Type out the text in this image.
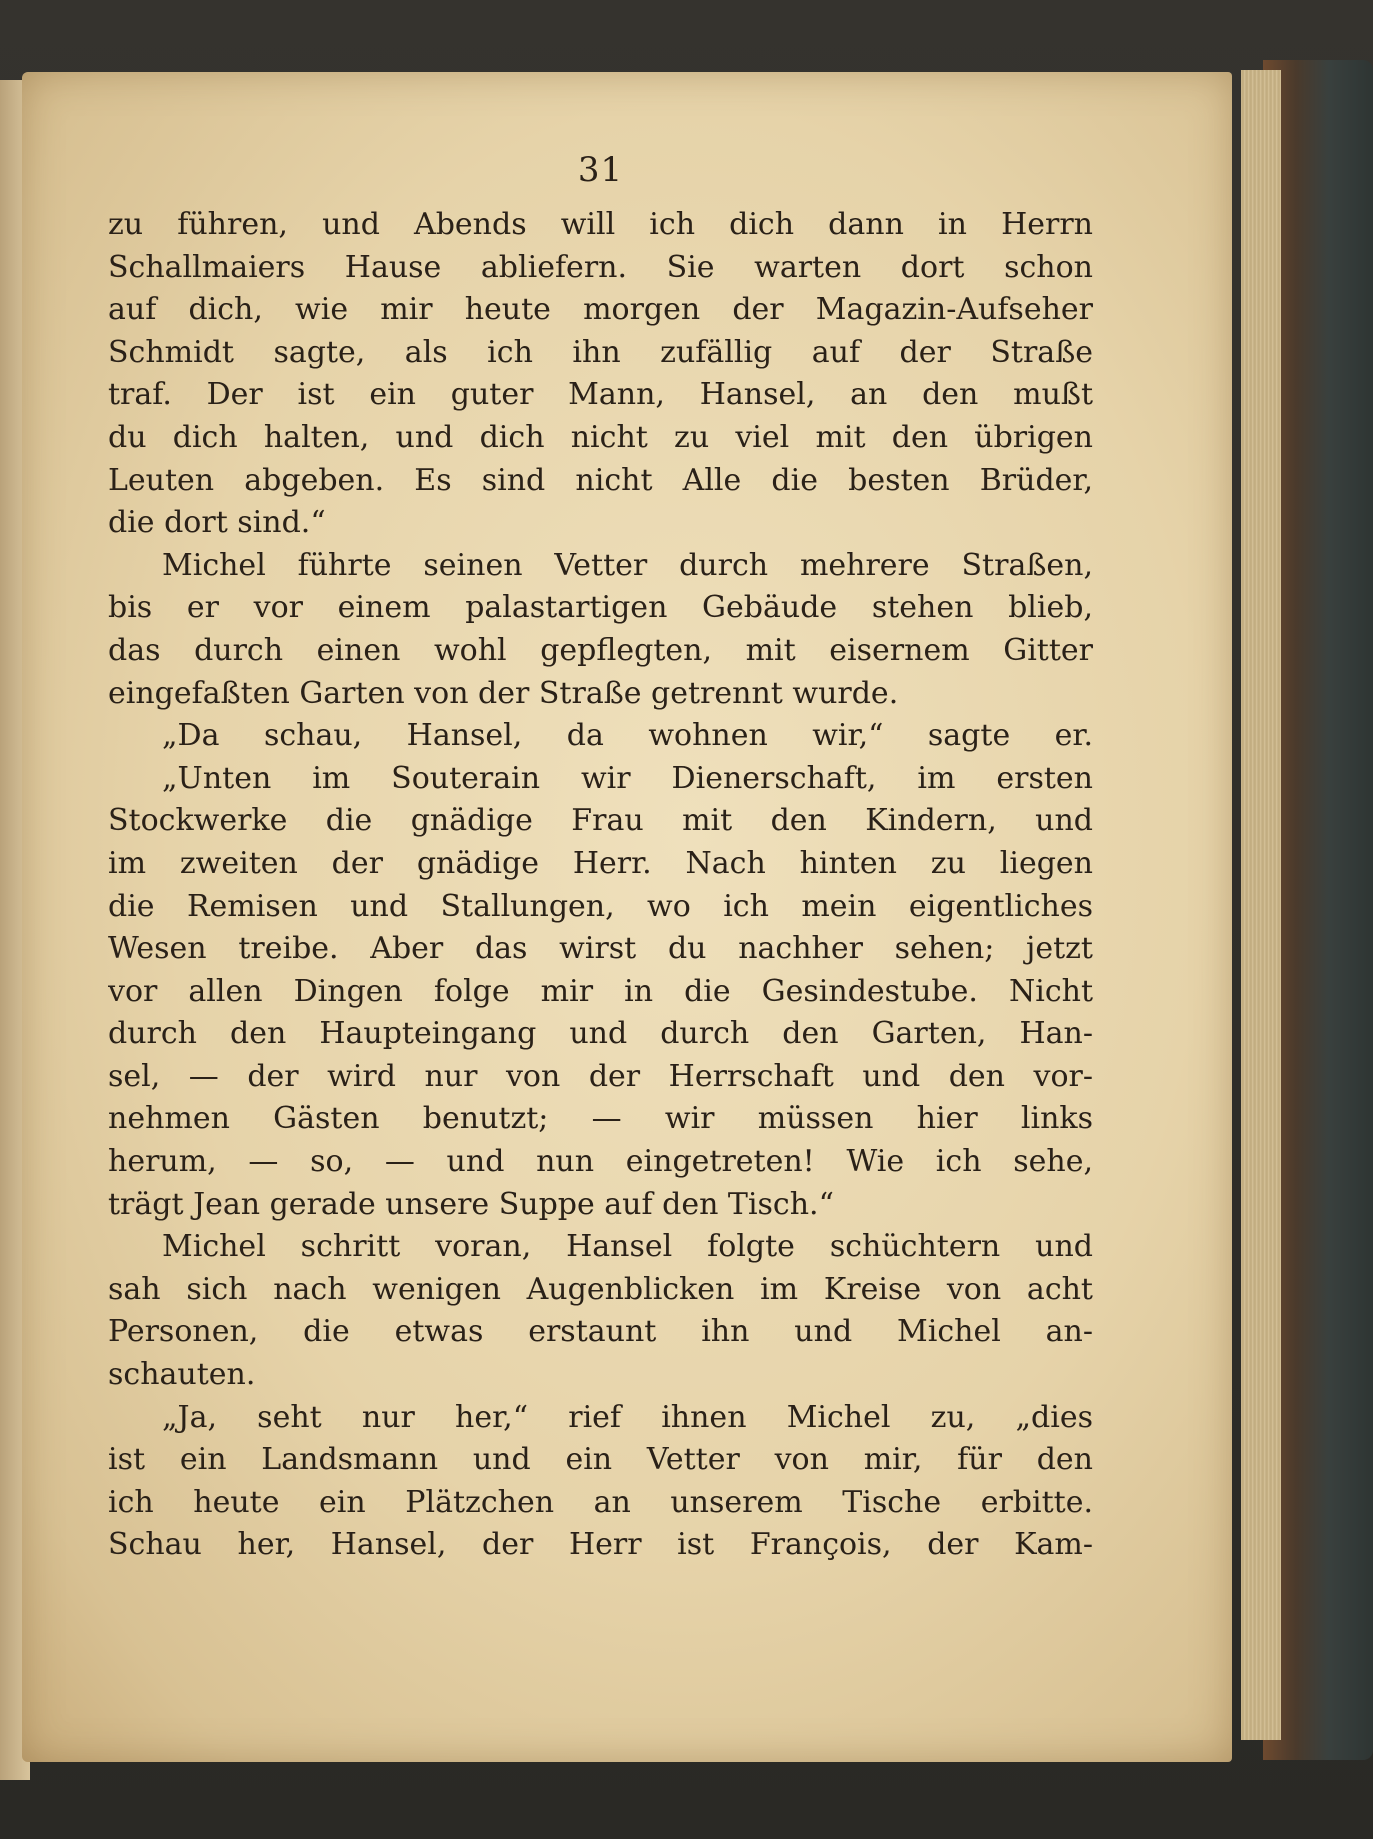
31
zu führen, und Abends will ich dich dann in Herrn
Schallmaiers Hause abliefern. Sie warten dort schon
auf dich, wie mir heute morgen der Magazin-Aufseher
Schmidt sagte, als ich ihn zufällig auf der Straße
traf. Der ist ein guter Mann, Hansel, an den mußt
du dich halten, und dich nicht zu viel mit den übrigen
Leuten abgeben. Es sind nicht Alle die besten Brüder,
die dort sind.“
Michel führte seinen Vetter durch mehrere Straßen,
bis er vor einem palastartigen Gebäude stehen blieb,
das durch einen wohl gepflegten, mit eisernem Gitter
eingefaßten Garten von der Straße getrennt wurde.
„Da schau, Hansel, da wohnen wir,“ sagte er.
„Unten im Souterain wir Dienerschaft, im ersten
Stockwerke die gnädige Frau mit den Kindern, und
im zweiten der gnädige Herr. Nach hinten zu liegen
die Remisen und Stallungen, wo ich mein eigentliches
Wesen treibe. Aber das wirst du nachher sehen; jetzt
vor allen Dingen folge mir in die Gesindestube. Nicht
durch den Haupteingang und durch den Garten, Han-
sel, — der wird nur von der Herrschaft und den vor-
nehmen Gästen benutzt; — wir müssen hier links
herum, — so, — und nun eingetreten! Wie ich sehe,
trägt Jean gerade unsere Suppe auf den Tisch.“
Michel schritt voran, Hansel folgte schüchtern und
sah sich nach wenigen Augenblicken im Kreise von acht
Personen, die etwas erstaunt ihn und Michel an-
schauten.
„Ja, seht nur her,“ rief ihnen Michel zu, „dies
ist ein Landsmann und ein Vetter von mir, für den
ich heute ein Plätzchen an unserem Tische erbitte.
Schau her, Hansel, der Herr ist François, der Kam-
